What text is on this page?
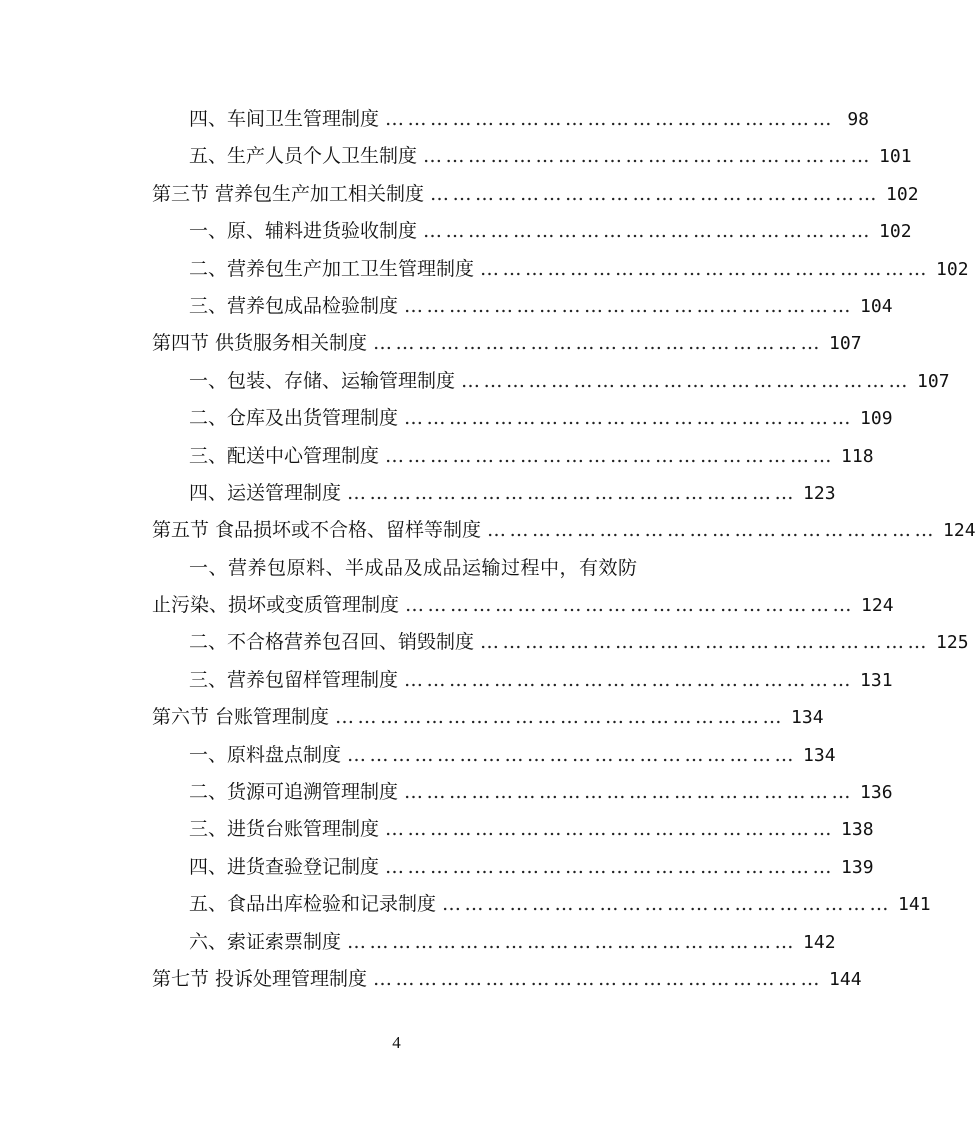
四、车间卫生管理制度 …………………………………………………… 98
五、生产人员个人卫生制度 …………………………………………………… 101
第三节 营养包生产加工相关制度 …………………………………………………… 102
一、原、辅料进货验收制度 …………………………………………………… 102
二、营养包生产加工卫生管理制度 …………………………………………………… 102
三、营养包成品检验制度 …………………………………………………… 104
第四节 供货服务相关制度 …………………………………………………… 107
一、包装、存储、运输管理制度 …………………………………………………… 107
二、仓库及出货管理制度 …………………………………………………… 109
三、配送中心管理制度 …………………………………………………… 118
四、运送管理制度 …………………………………………………… 123
第五节 食品损坏或不合格、留样等制度 …………………………………………………… 124
一、营养包原料、半成品及成品运输过程中，有效防
止污染、损坏或变质管理制度 …………………………………………………… 124
二、不合格营养包召回、销毁制度 …………………………………………………… 125
三、营养包留样管理制度 …………………………………………………… 131
第六节 台账管理制度 …………………………………………………… 134
一、原料盘点制度 …………………………………………………… 134
二、货源可追溯管理制度 …………………………………………………… 136
三、进货台账管理制度 …………………………………………………… 138
四、进货查验登记制度 …………………………………………………… 139
五、食品出库检验和记录制度 …………………………………………………… 141
六、索证索票制度 …………………………………………………… 142
第七节 投诉处理管理制度 …………………………………………………… 144
4
